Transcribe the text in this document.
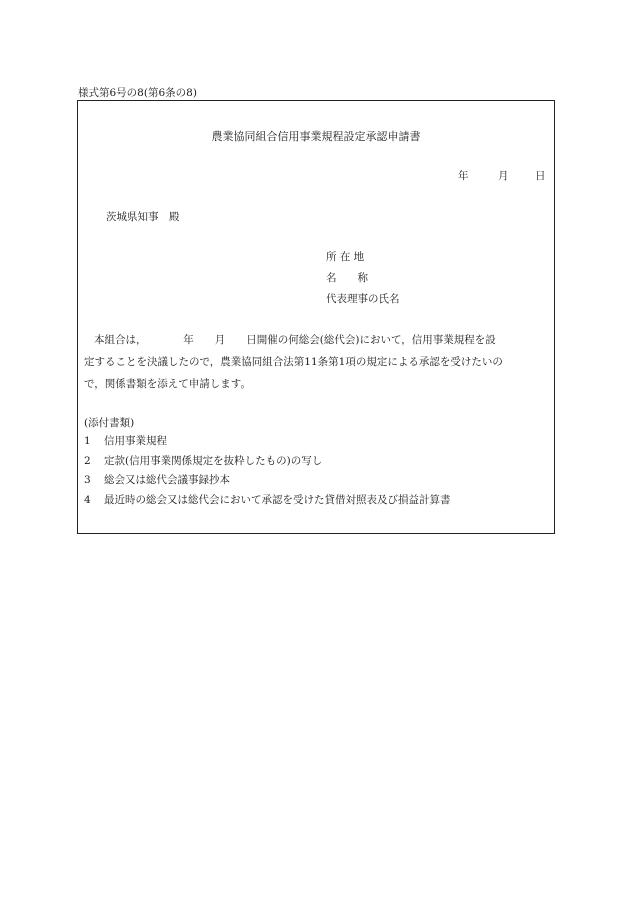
様式第6号の8(第6条の8)
農業協同組合信用事業規程設定承認申請書
年	月	日
茨城県知事　殿
所 在 地
名　　称
代表理事の氏名

本組合は，　　　　年　　月　　日開催の何総会(総代会)において，信用事業規程を設

定することを決議したので，農業協同組合法第11条第1項の規定による承認を受けたいの

で，関係書類を添えて申請します。

(添付書類)
1 信用事業規程
2 定款(信用事業関係規定を抜粋したもの)の写し
3 総会又は総代会議事録抄本
4 最近時の総会又は総代会において承認を受けた貸借対照表及び損益計算書
